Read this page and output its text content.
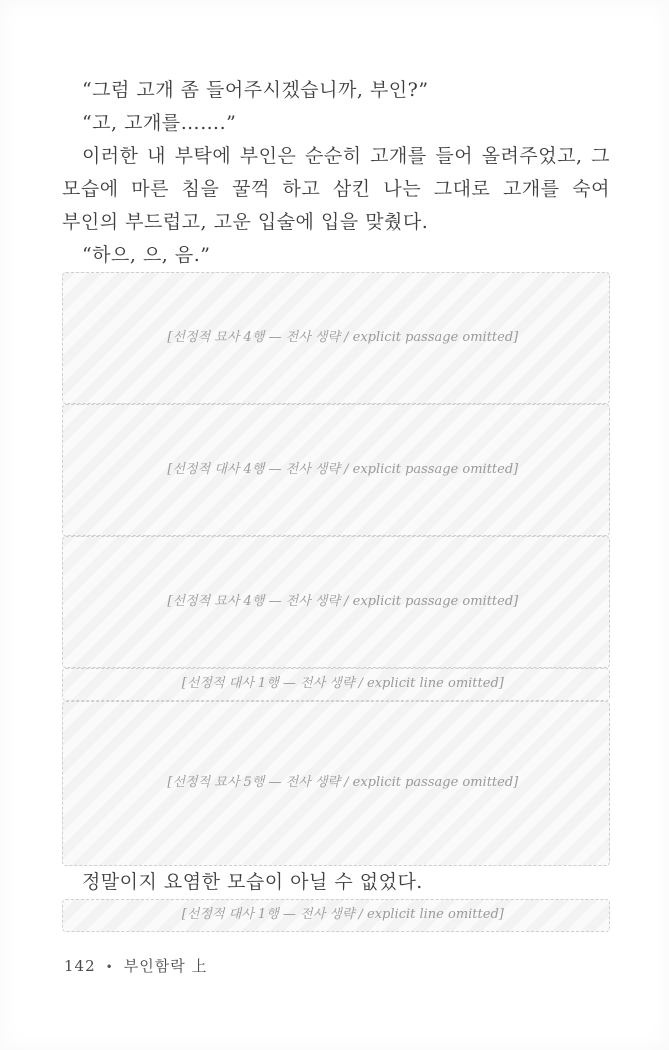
“그럼 고개 좀 들어주시겠습니까, 부인?”

“고, 고개를…….”

이러한 내 부탁에 부인은 순순히 고개를 들어 올려주었고, 그 모습에 마른 침을 꿀꺽 하고 삼킨 나는 그대로 고개를 숙여 부인의 부드럽고, 고운 입술에 입을 맞췄다.

“하으, 으, 음.”

[선정적 묘사 4행 — 전사 생략 / explicit passage omitted]

[선정적 대사 4행 — 전사 생략 / explicit passage omitted]

[선정적 묘사 4행 — 전사 생략 / explicit passage omitted]

[선정적 대사 1행 — 전사 생략 / explicit line omitted]

[선정적 묘사 5행 — 전사 생략 / explicit passage omitted]

정말이지 요염한 모습이 아닐 수 없었다.

[선정적 대사 1행 — 전사 생략 / explicit line omitted]

142 • 부인함락 上
